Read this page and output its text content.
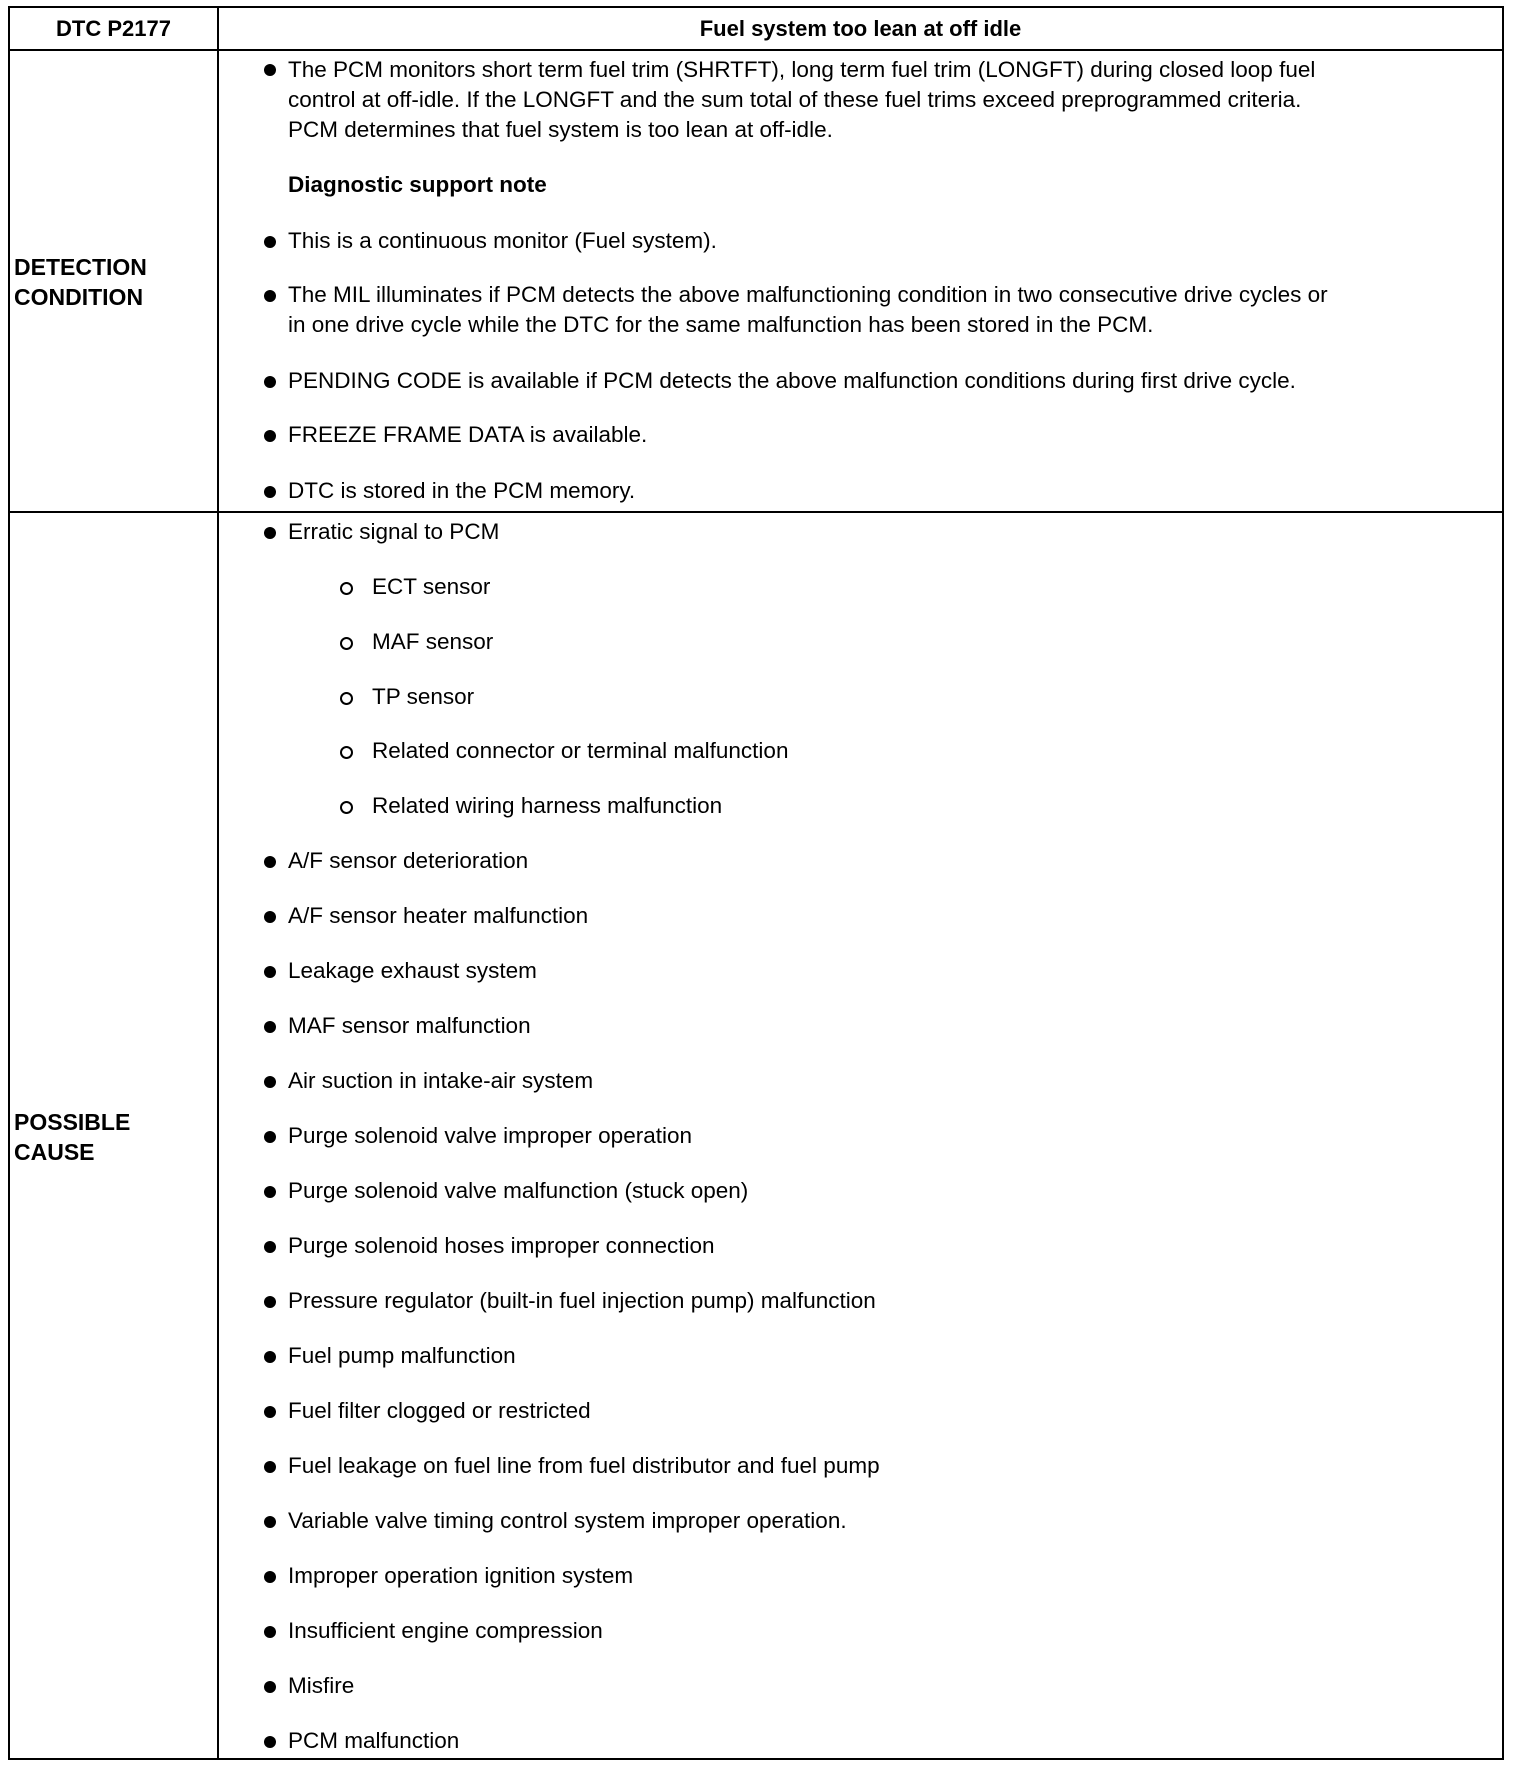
DTC P2177	Fuel system too lean at off idle
DETECTION
CONDITION
POSSIBLE
CAUSE
The PCM monitors short term fuel trim (SHRTFT), long term fuel trim (LONGFT) during closed loop fuel
control at off-idle. If the LONGFT and the sum total of these fuel trims exceed preprogrammed criteria.
PCM determines that fuel system is too lean at off-idle.
Diagnostic support note
This is a continuous monitor (Fuel system).
The MIL illuminates if PCM detects the above malfunctioning condition in two consecutive drive cycles or
in one drive cycle while the DTC for the same malfunction has been stored in the PCM.
PENDING CODE is available if PCM detects the above malfunction conditions during first drive cycle.
FREEZE FRAME DATA is available.
DTC is stored in the PCM memory.
Erratic signal to PCM
ECT sensor
MAF sensor
TP sensor
Related connector or terminal malfunction
Related wiring harness malfunction
A/F sensor deterioration
A/F sensor heater malfunction
Leakage exhaust system
MAF sensor malfunction
Air suction in intake-air system
Purge solenoid valve improper operation
Purge solenoid valve malfunction (stuck open)
Purge solenoid hoses improper connection
Pressure regulator (built-in fuel injection pump) malfunction
Fuel pump malfunction
Fuel filter clogged or restricted
Fuel leakage on fuel line from fuel distributor and fuel pump
Variable valve timing control system improper operation.
Improper operation ignition system
Insufficient engine compression
Misfire
PCM malfunction
